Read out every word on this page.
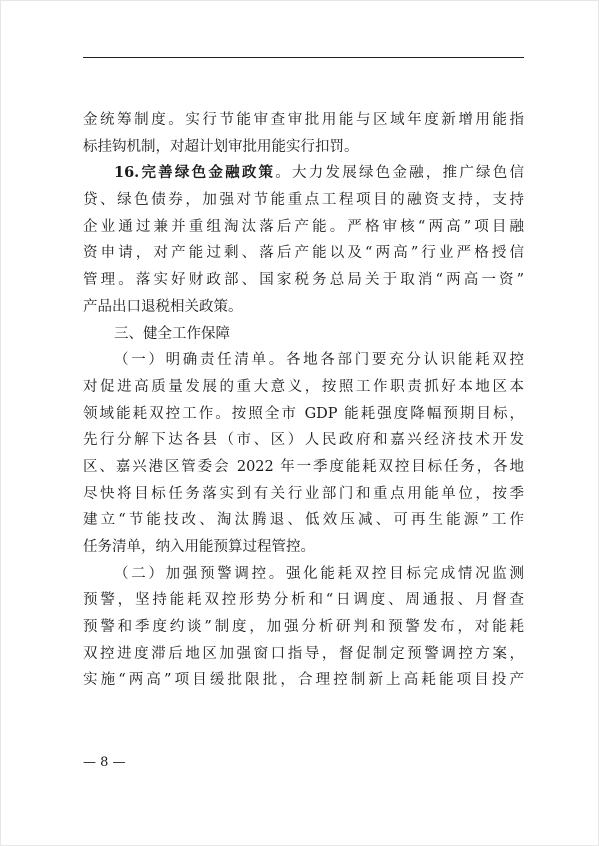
金统筹制度。实行节能审查审批用能与区域年度新增用能指
标挂钩机制，对超计划审批用能实行扣罚。
16.完善绿色金融政策。大力发展绿色金融，推广绿色信
贷、绿色债券，加强对节能重点工程项目的融资支持，支持
企业通过兼并重组淘汰落后产能。严格审核“两高”项目融
资申请，对产能过剩、落后产能以及“两高”行业严格授信
管理。落实好财政部、国家税务总局关于取消“两高一资”
产品出口退税相关政策。
三、健全工作保障
（一）明确责任清单。各地各部门要充分认识能耗双控
对促进高质量发展的重大意义，按照工作职责抓好本地区本
领域能耗双控工作。按照全市 GDP 能耗强度降幅预期目标，
先行分解下达各县（市、区）人民政府和嘉兴经济技术开发
区、嘉兴港区管委会 2022 年一季度能耗双控目标任务，各地
尽快将目标任务落实到有关行业部门和重点用能单位，按季
建立“节能技改、淘汰腾退、低效压减、可再生能源”工作
任务清单，纳入用能预算过程管控。
（二）加强预警调控。强化能耗双控目标完成情况监测
预警，坚持能耗双控形势分析和“日调度、周通报、月督查
预警和季度约谈”制度，加强分析研判和预警发布，对能耗
双控进度滞后地区加强窗口指导，督促制定预警调控方案，
实施“两高”项目缓批限批，合理控制新上高耗能项目投产
— 8 —
